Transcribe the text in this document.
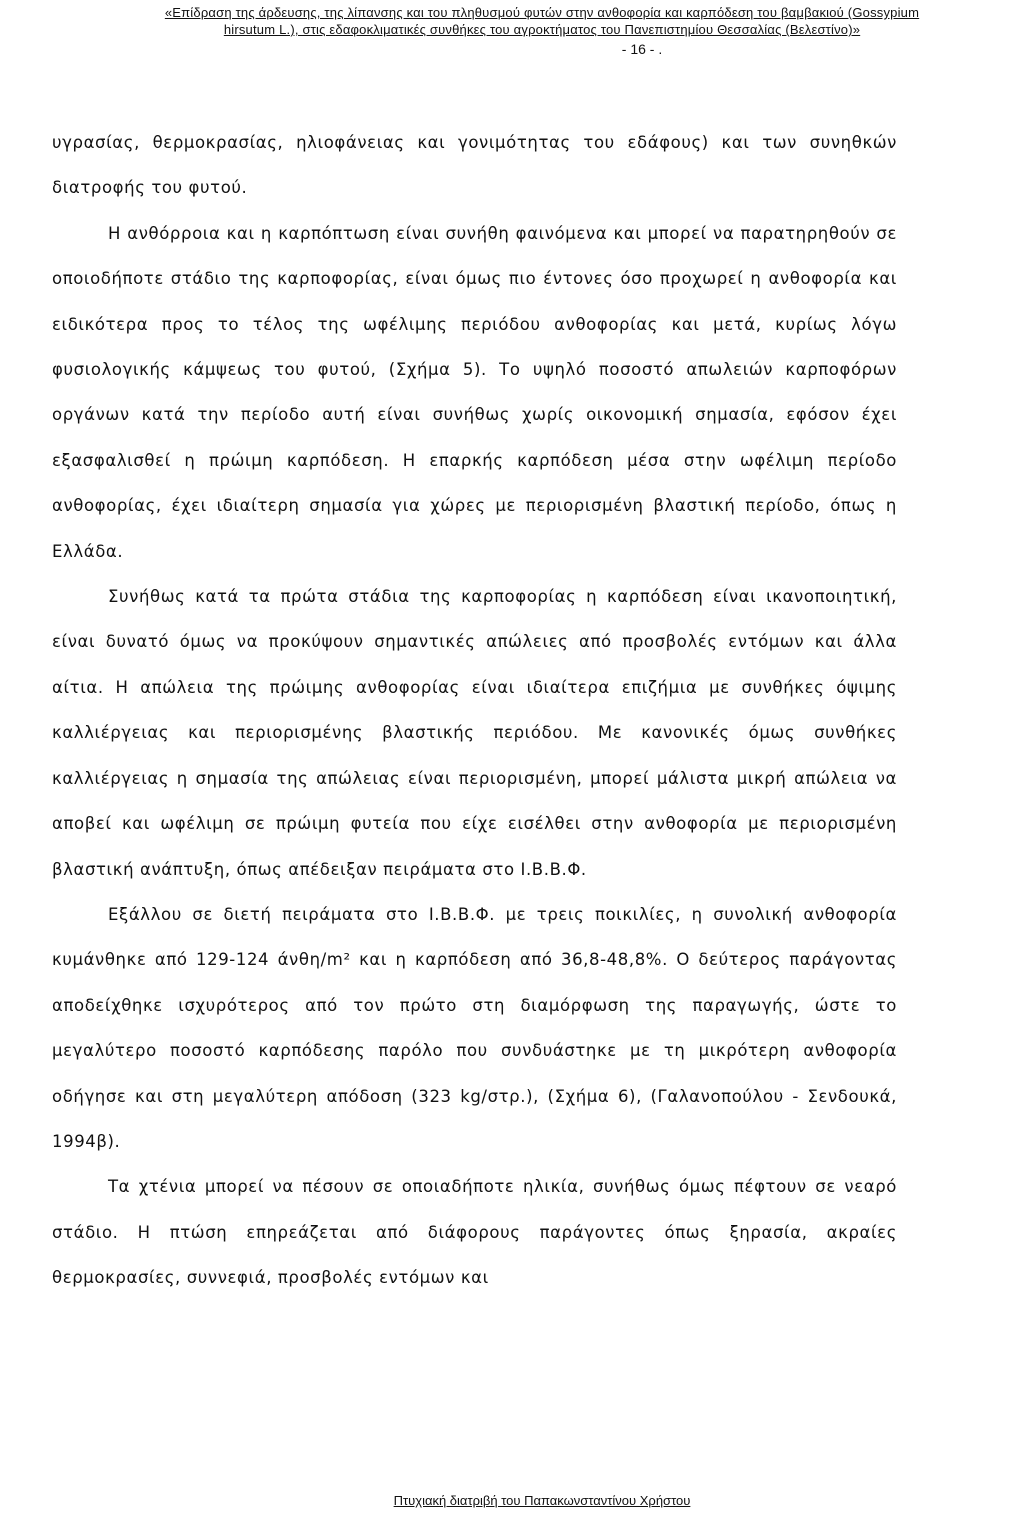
«Επίδραση της άρδευσης, της λίπανσης και του πληθυσμού φυτών στην ανθοφορία και καρπόδεση του βαμβακιού (Gossypium
hirsutum L.), στις εδαφοκλιματικές συνθήκες του αγροκτήματος του Πανεπιστημίου Θεσσαλίας (Βελεστίνο)»
- 16 - .

υγρασίας, θερμοκρασίας, ηλιοφάνειας και γονιμότητας του εδάφους) και των συνηθκών διατροφής του φυτού.

Η ανθόρροια και η καρπόπτωση είναι συνήθη φαινόμενα και μπορεί να παρατηρηθούν σε οποιοδήποτε στάδιο της καρποφορίας, είναι όμως πιο έντονες όσο προχωρεί η ανθοφορία και ειδικότερα προς το τέλος της ωφέλιμης περιόδου ανθοφορίας και μετά, κυρίως λόγω φυσιολογικής κάμψεως του φυτού, (Σχήμα 5). Το υψηλό ποσοστό απωλειών καρποφόρων οργάνων κατά την περίοδο αυτή είναι συνήθως χωρίς οικονομική σημασία, εφόσον έχει εξασφαλισθεί η πρώιμη καρπόδεση. Η επαρκής καρπόδεση μέσα στην ωφέλιμη περίοδο ανθοφορίας, έχει ιδιαίτερη σημασία για χώρες με περιορισμένη βλαστική περίοδο, όπως η Ελλάδα.

Συνήθως κατά τα πρώτα στάδια της καρποφορίας η καρπόδεση είναι ικανοποιητική, είναι δυνατό όμως να προκύψουν σημαντικές απώλειες από προσβολές εντόμων και άλλα αίτια. Η απώλεια της πρώιμης ανθοφορίας είναι ιδιαίτερα επιζήμια με συνθήκες όψιμης καλλιέργειας και περιορισμένης βλαστικής περιόδου. Με κανονικές όμως συνθήκες καλλιέργειας η σημασία της απώλειας είναι περιορισμένη, μπορεί μάλιστα μικρή απώλεια να αποβεί και ωφέλιμη σε πρώιμη φυτεία που είχε εισέλθει στην ανθοφορία με περιορισμένη βλαστική ανάπτυξη, όπως απέδειξαν πειράματα στο Ι.Β.Β.Φ.

Εξάλλου σε διετή πειράματα στο Ι.Β.Β.Φ. με τρεις ποικιλίες, η συνολική ανθοφορία κυμάνθηκε από 129-124 άνθη/m² και η καρπόδεση από 36,8-48,8%. Ο δεύτερος παράγοντας αποδείχθηκε ισχυρότερος από τον πρώτο στη διαμόρφωση της παραγωγής, ώστε το μεγαλύτερο ποσοστό καρπόδεσης παρόλο που συνδυάστηκε με τη μικρότερη ανθοφορία οδήγησε και στη μεγαλύτερη απόδοση (323 kg/στρ.), (Σχήμα 6), (Γαλανοπούλου - Σενδουκά, 1994β).

Τα χτένια μπορεί να πέσουν σε οποιαδήποτε ηλικία, συνήθως όμως πέφτουν σε νεαρό στάδιο. Η πτώση επηρεάζεται από διάφορους παράγοντες όπως ξηρασία, ακραίες θερμοκρασίες, συννεφιά, προσβολές εντόμων και

Πτυχιακή διατριβή του Παπακωνσταντίνου Χρήστου
